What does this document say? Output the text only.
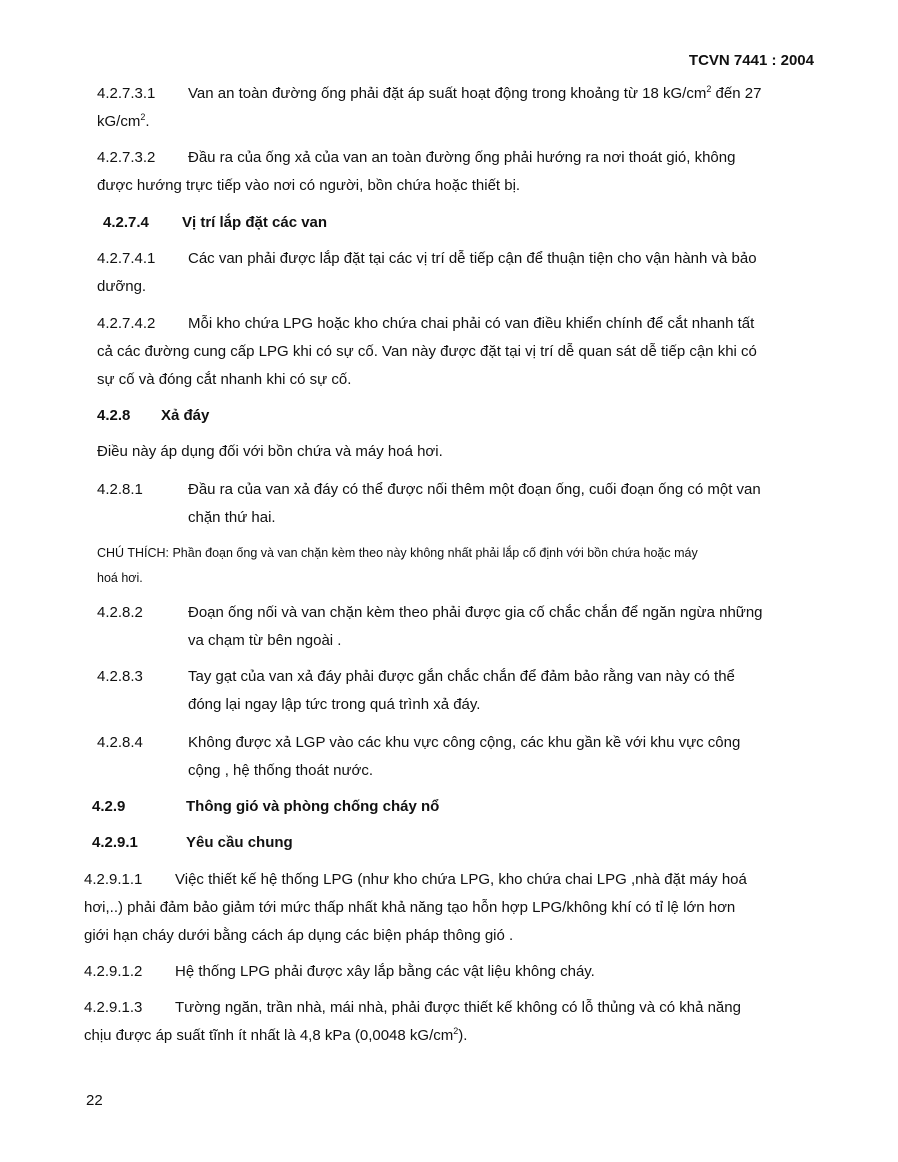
TCVN 7441 : 2004
4.2.7.3.1 Van an toàn đường ống phải đặt áp suất hoạt động trong khoảng từ 18 $kG/cm^2$ đến 27
$kG/cm^2$.
4.2.7.3.2 Đầu ra của ống xả của van an toàn đường ống phải hướng ra nơi thoát gió, không
được hướng trực tiếp vào nơi có người, bồn chứa hoặc thiết bị.
4.2.7.4 Vị trí lắp đặt các van
4.2.7.4.1 Các van phải được lắp đặt tại các vị trí dễ tiếp cận để thuận tiện cho vận hành và bảo
dưỡng.
4.2.7.4.2 Mỗi kho chứa LPG hoặc kho chứa chai phải có van điều khiển chính để cắt nhanh tất
cả các đường cung cấp LPG khi có sự cố. Van này được đặt tại vị trí dễ quan sát dễ tiếp cận khi có
sự cố và đóng cắt nhanh khi có sự cố.
4.2.8 Xả đáy
Điều này áp dụng đối với bồn chứa và máy hoá hơi.
4.2.8.1	Đầu ra của van xả đáy có thể được nối thêm một đoạn ống, cuối đoạn ống có một van
chặn thứ hai.
CHÚ THÍCH: Phần đoạn ống và van chặn kèm theo này không nhất phải lắp cố định với bồn chứa hoặc máy
hoá hơi.
4.2.8.2	Đoạn ống nối và van chặn kèm theo phải được gia cố chắc chắn để ngăn ngừa những
va chạm từ bên ngoài .
4.2.8.3	Tay gạt của van xả đáy phải được gắn chắc chắn để đảm bảo rằng van này có thể
đóng lại ngay lập tức trong quá trình xả đáy.
4.2.8.4	Không được xả LGP vào các khu vực công cộng, các khu gần kề với khu vực công
cộng , hệ thống thoát nước.
4.2.9	Thông gió và phòng chống cháy nổ
4.2.9.1	Yêu cầu chung
4.2.9.1.1 Việc thiết kế hệ thống LPG (như kho chứa LPG, kho chứa chai LPG ,nhà đặt máy hoá
hơi,..) phải đảm bảo giảm tới mức thấp nhất khả năng tạo hỗn hợp LPG/không khí có tỉ lệ lớn hơn
giới hạn cháy dưới bằng cách áp dụng các biện pháp thông gió .
4.2.9.1.2 Hệ thống LPG phải được xây lắp bằng các vật liệu không cháy.
4.2.9.1.3 Tường ngăn, trần nhà, mái nhà, phải được thiết kế không có lỗ thủng và có khả năng
chịu được áp suất tĩnh ít nhất là 4,8 kPa (0,0048 $kG/cm^2$).
22
